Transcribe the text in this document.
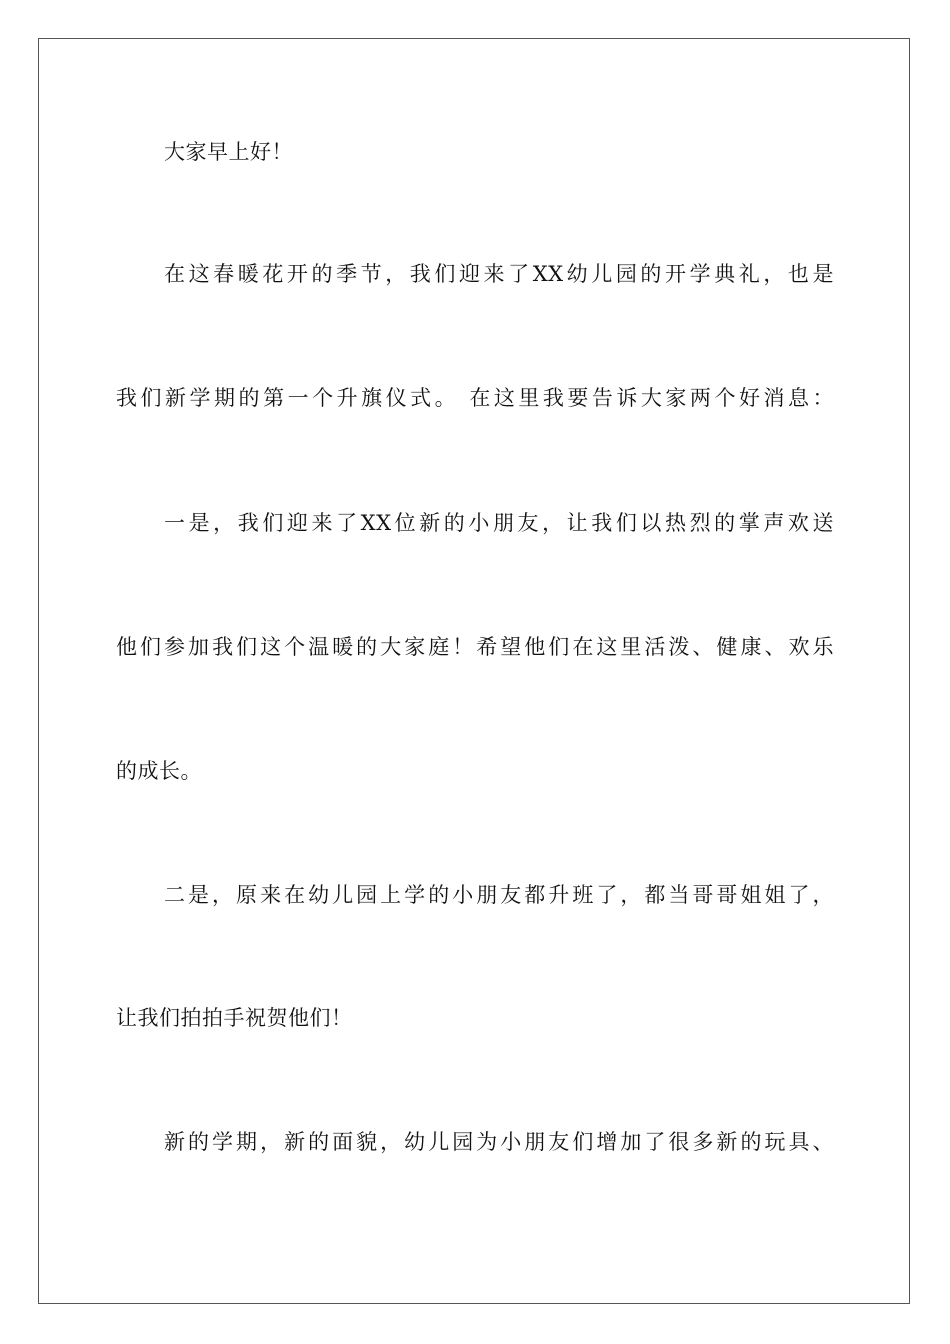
大家早上好！
在这春暖花开的季节，我们迎来了XX幼儿园的开学典礼，也是
我们新学期的第一个升旗仪式。 在这里我要告诉大家两个好消息：
一是，我们迎来了XX位新的小朋友，让我们以热烈的掌声欢送
他们参加我们这个温暖的大家庭！希望他们在这里活泼、健康、欢乐
的成长。
二是，原来在幼儿园上学的小朋友都升班了，都当哥哥姐姐了，
让我们拍拍手祝贺他们！
新的学期，新的面貌，幼儿园为小朋友们增加了很多新的玩具、
